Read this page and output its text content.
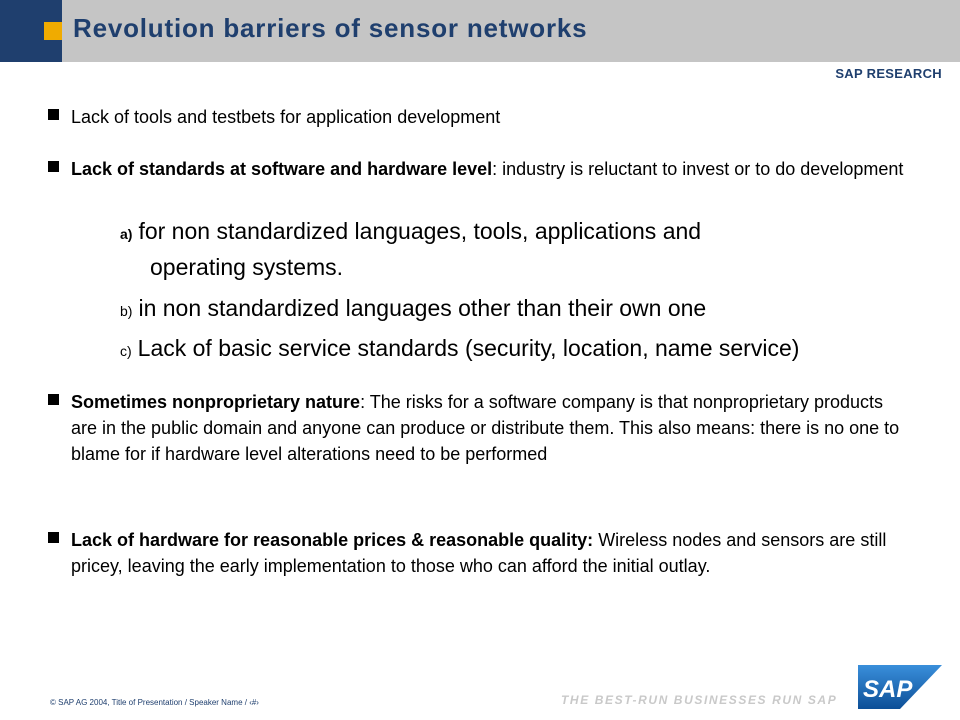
Revolution barriers of sensor networks
SAP RESEARCH
Lack of tools and testbets for application development
Lack of standards at software and hardware level: industry is reluctant to invest or to do development
a) for non standardized languages, tools, applications and
operating systems.
b) in non standardized languages other than their own one
c) Lack of basic service standards (security, location, name service)
Sometimes nonproprietary nature: The risks for a software company is that nonproprietary products are in the public domain and anyone can produce or distribute them. This also means: there is no one to blame for if hardware level alterations need to be performed
Lack of hardware for reasonable prices & reasonable quality: Wireless nodes and sensors are still pricey, leaving the early implementation to those who can afford the initial outlay.
© SAP AG 2004, Title of Presentation / Speaker Name / ‹#›	THE BEST-RUN BUSINESSES RUN SAP SAP
